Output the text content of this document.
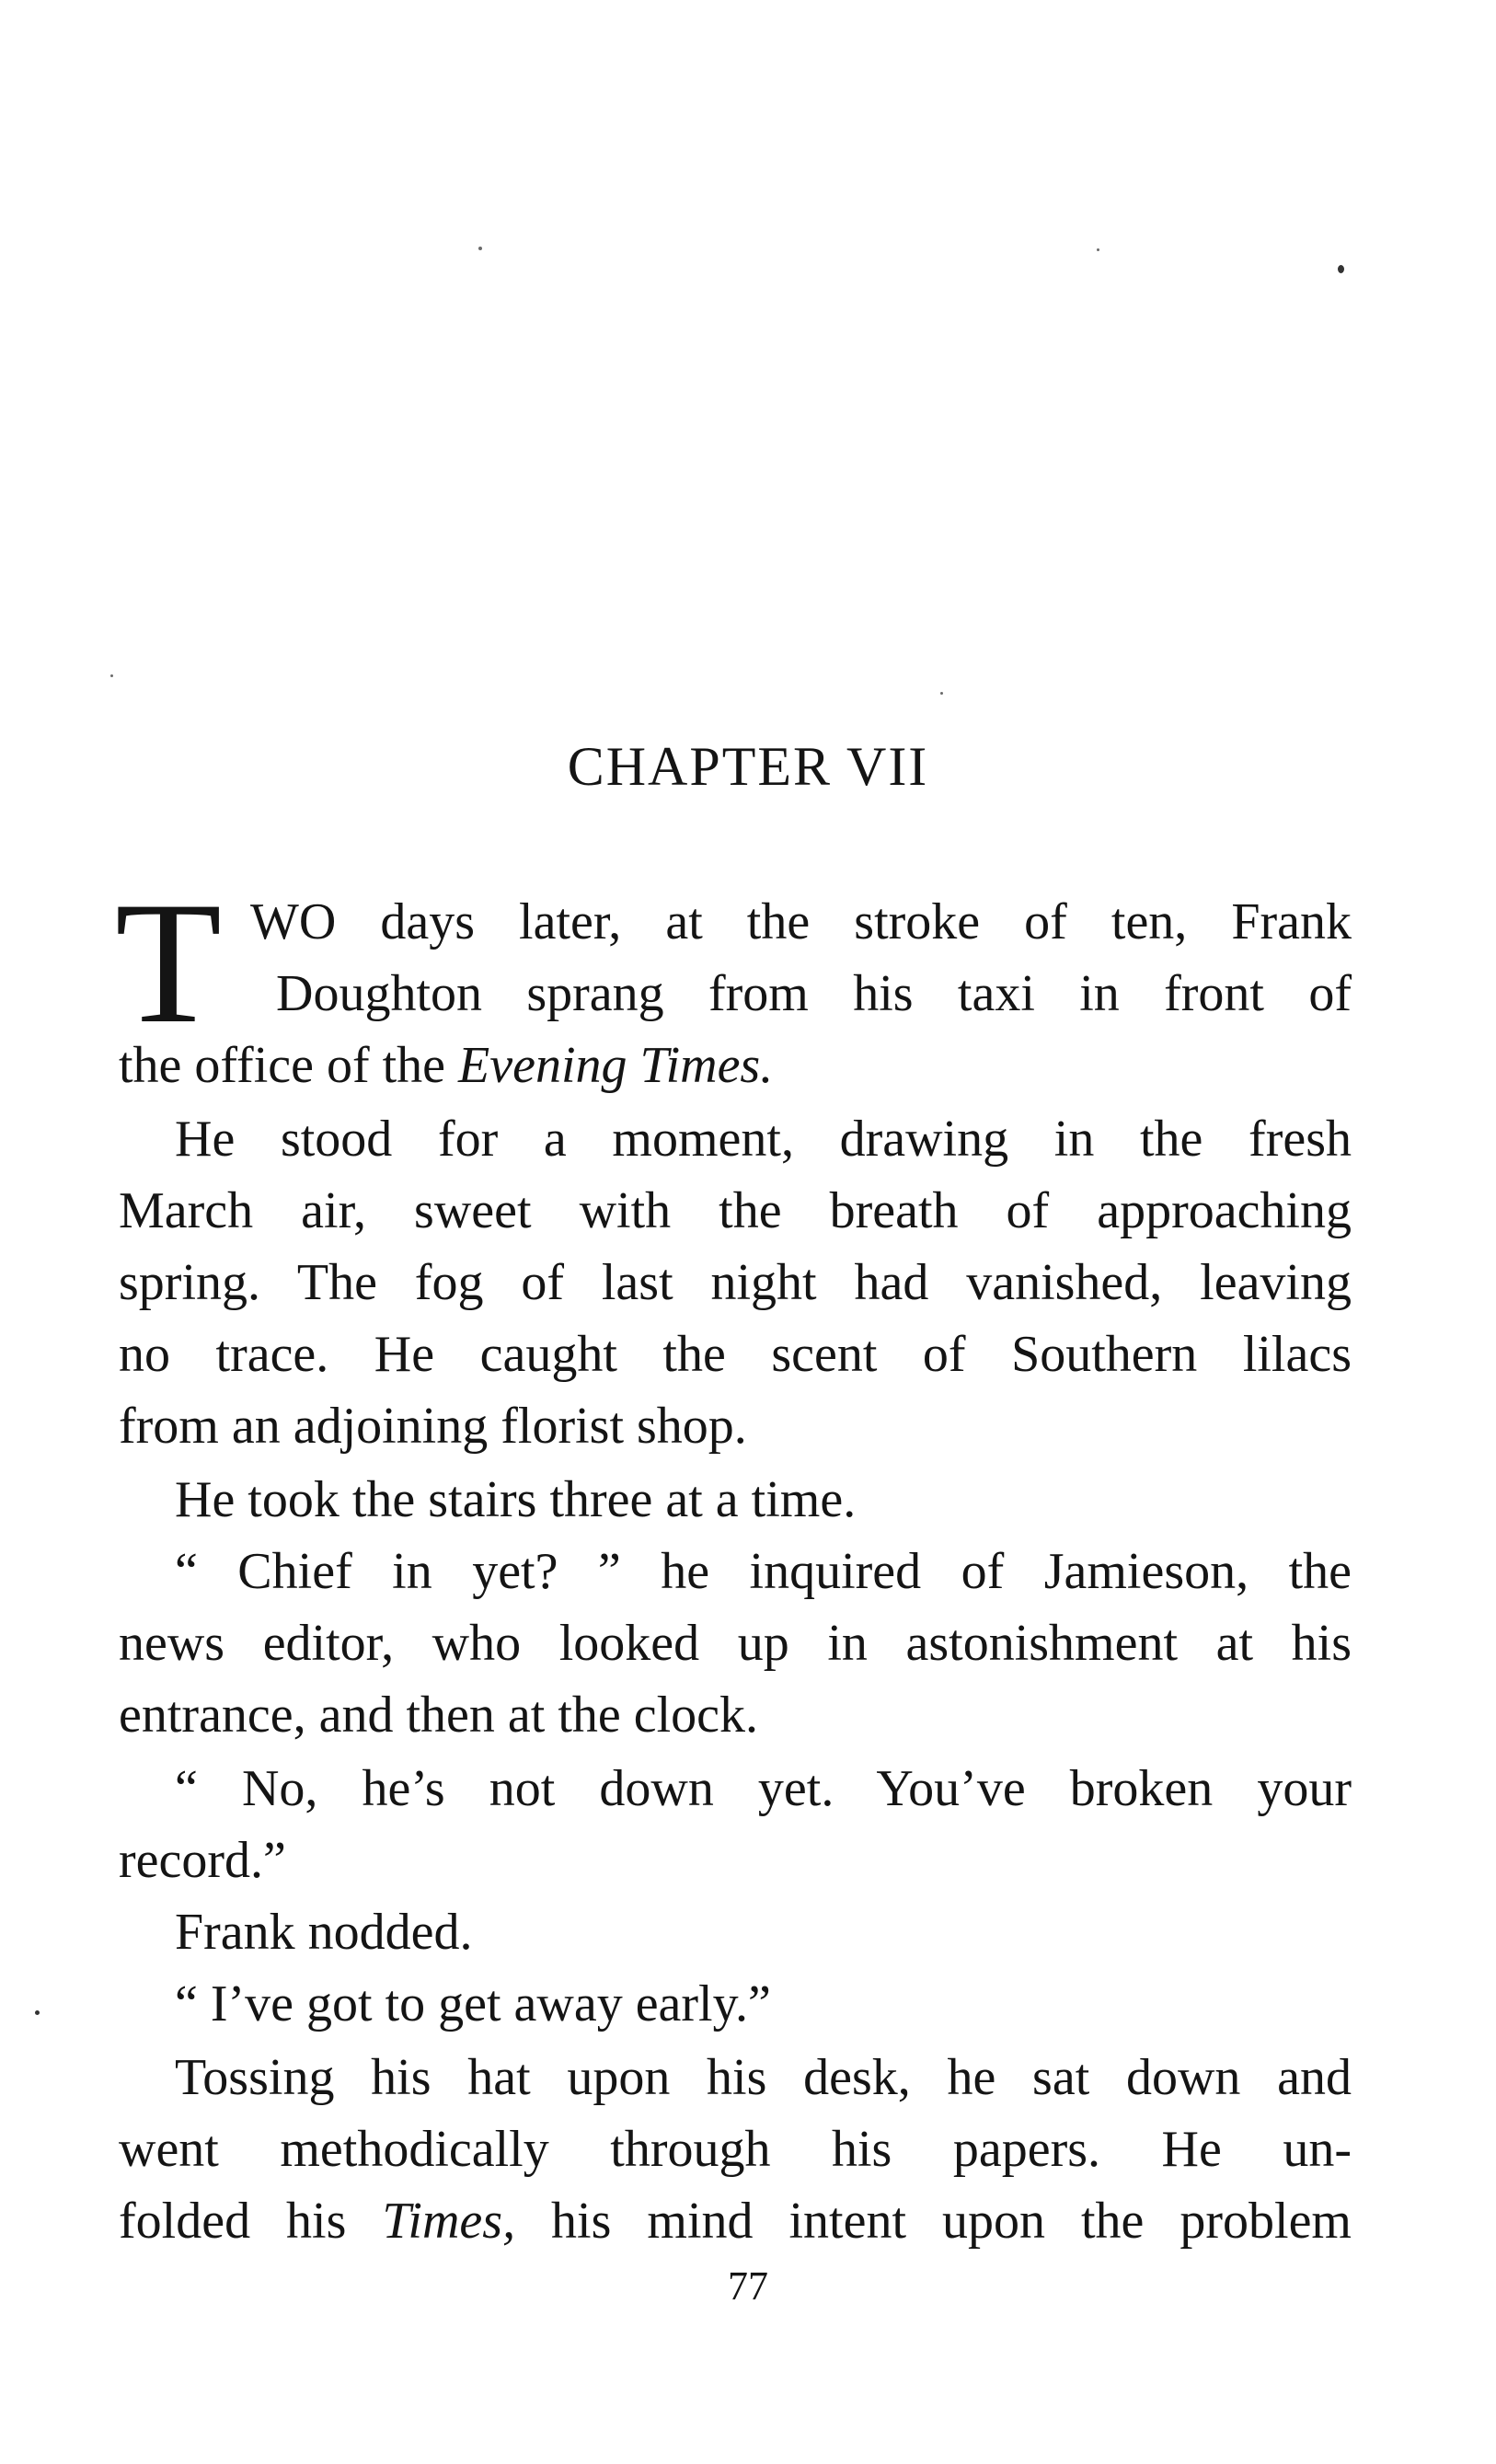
CHAPTER VII
T WO days later, at the stroke of ten, Frank
Doughton sprang from his taxi in front of
the office of the Evening Times.
He stood for a moment, drawing in the fresh
March air, sweet with the breath of approaching
spring. The fog of last night had vanished, leaving
no trace. He caught the scent of Southern lilacs
from an adjoining florist shop.
He took the stairs three at a time.
“ Chief in yet? ” he inquired of Jamieson, the
news editor, who looked up in astonishment at his
entrance, and then at the clock.
“ No, he’s not down yet. You’ve broken your
record.”
Frank nodded.
“ I’ve got to get away early.”
Tossing his hat upon his desk, he sat down and
went methodically through his papers. He un-
folded his Times, his mind intent upon the problem
77
